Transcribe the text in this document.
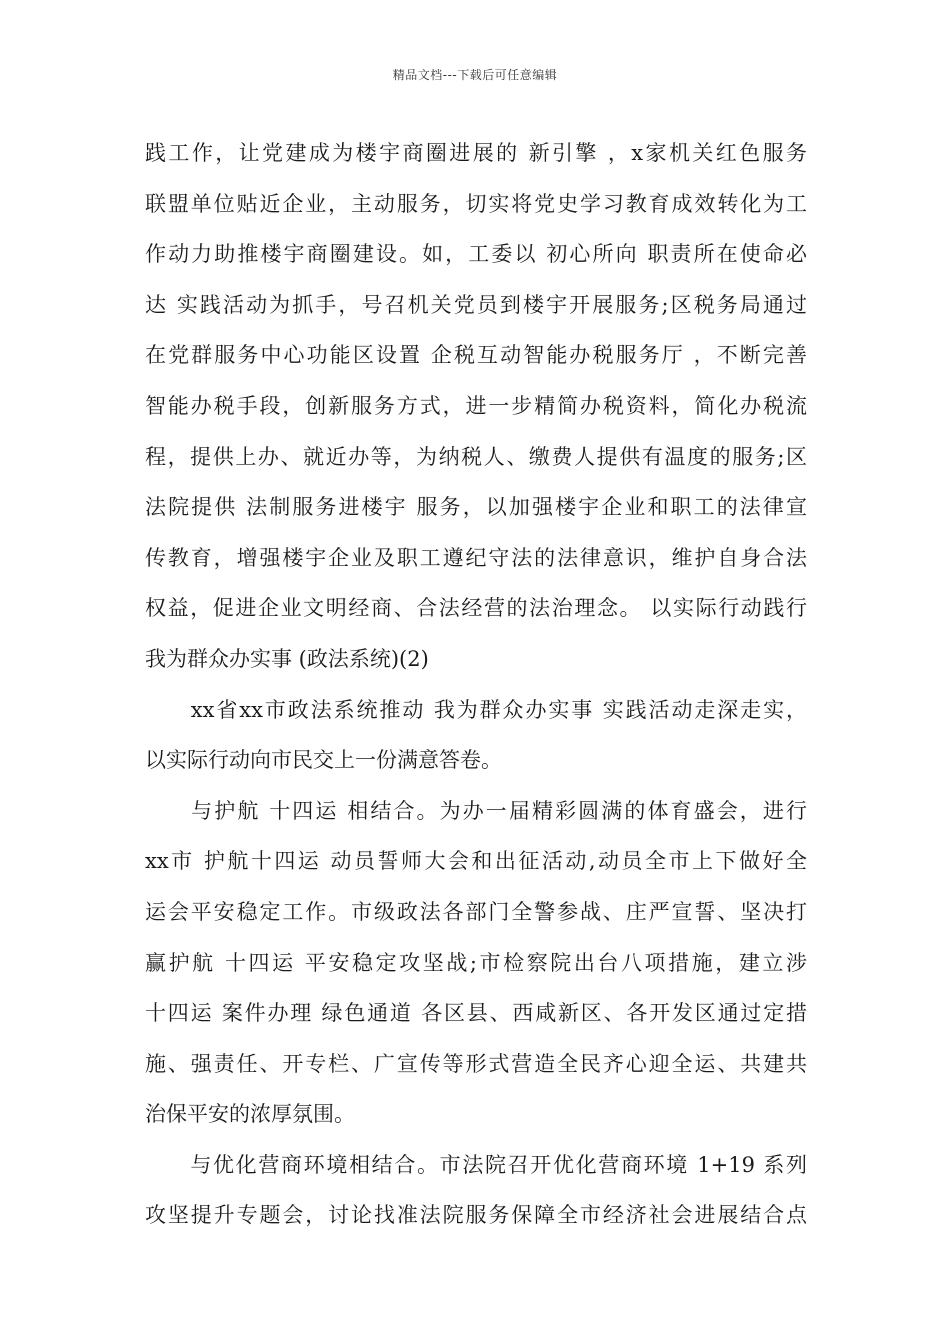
精品文档---下载后可任意编辑
践工作，让党建成为楼宇商圈进展的 新引擎 ，x家机关红色服务
联盟单位贴近企业，主动服务，切实将党史学习教育成效转化为工
作动力助推楼宇商圈建设。如，工委以 初心所向 职责所在使命必
达 实践活动为抓手，号召机关党员到楼宇开展服务;区税务局通过
在党群服务中心功能区设置 企税互动智能办税服务厅 ，不断完善
智能办税手段，创新服务方式，进一步精简办税资料，简化办税流
程，提供上办、就近办等，为纳税人、缴费人提供有温度的服务;区
法院提供 法制服务进楼宇 服务，以加强楼宇企业和职工的法律宣
传教育，增强楼宇企业及职工遵纪守法的法律意识，维护自身合法
权益，促进企业文明经商、合法经营的法治理念。 以实际行动践行
我为群众办实事 (政法系统)(2)
　　xx省xx市政法系统推动 我为群众办实事 实践活动走深走实，
以实际行动向市民交上一份满意答卷。
　　与护航 十四运 相结合。为办一届精彩圆满的体育盛会，进行
xx市 护航十四运 动员誓师大会和出征活动,动员全市上下做好全
运会平安稳定工作。市级政法各部门全警参战、庄严宣誓、坚决打
赢护航 十四运 平安稳定攻坚战;市检察院出台八项措施，建立涉
十四运 案件办理 绿色通道 各区县、西咸新区、各开发区通过定措
施、强责任、开专栏、广宣传等形式营造全民齐心迎全运、共建共
治保平安的浓厚氛围。
　　与优化营商环境相结合。市法院召开优化营商环境 1+19 系列
攻坚提升专题会，讨论找准法院服务保障全市经济社会进展结合点
